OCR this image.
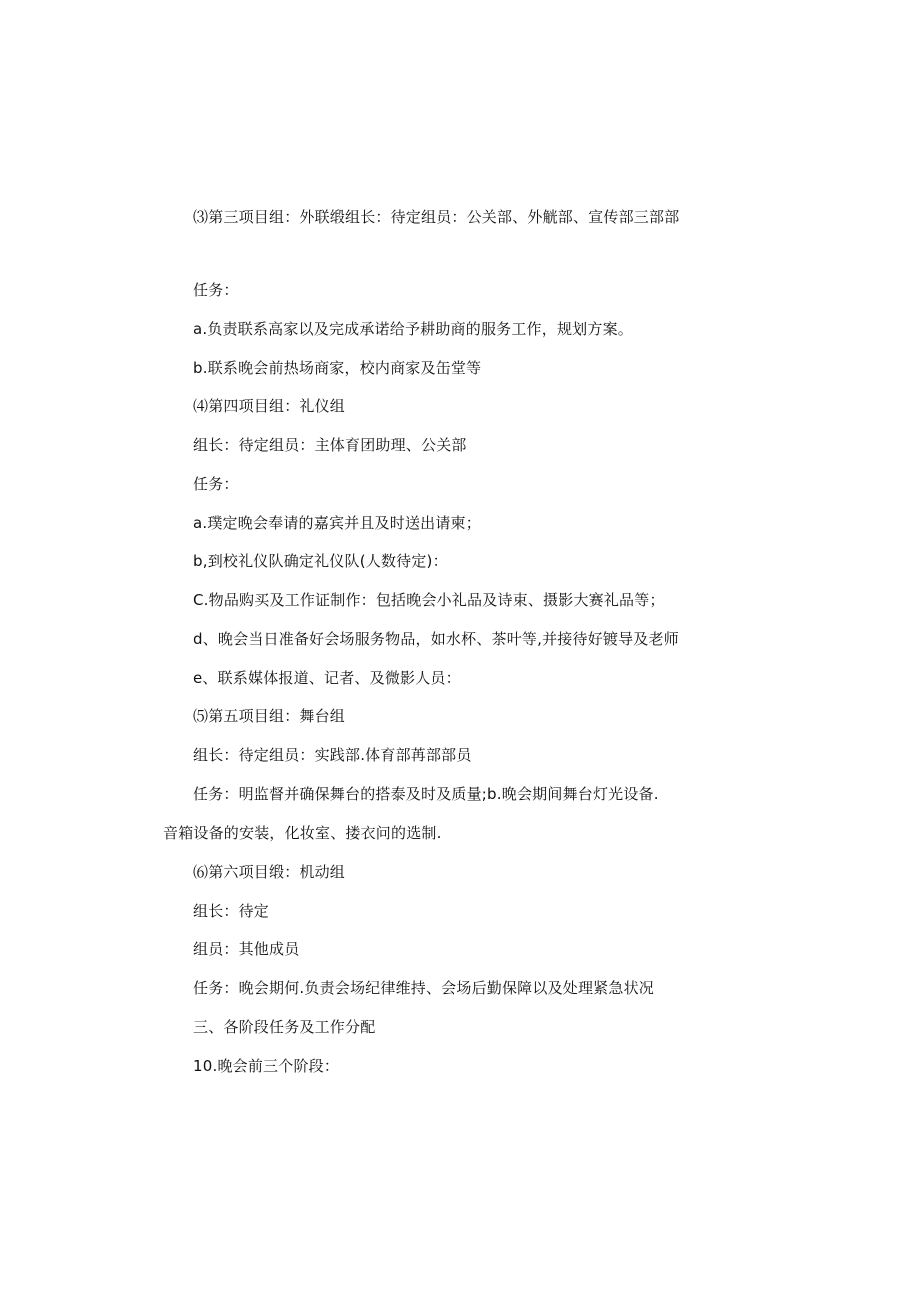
⑶第三项目组：外联缎组长：待定组员：公关部、外觥部、宣传部三部部
任务：
a.负责联系高家以及完成承诺给予耕助商的服务工作，规划方案。
b.联系晚会前热场商家，校内商家及缶堂等
⑷第四项目组：礼仪组
组长：待定组员：主体育团助理、公关部
任务：
a.璞定晚会奉请的嘉宾并且及时送出请柬；
b,到校礼仪队确定礼仪队(人数待定)：
C.物品购买及工作证制作：包括晚会小礼品及诗束、摄影大赛礼品等；
d、晚会当日准备好会场服务物品，如水杯、茶叶等,并接待好镀导及老师
e、联系媒体报道、记者、及微影人员：
⑸第五项目组：舞台组
组长：待定组员：实践部.体育部苒部部员
任务：明监督并确保舞台的搭泰及时及质量;b.晚会期间舞台灯光设备.
音箱设备的安装，化妆室、搂衣问的选制.
⑹第六项目缎：机动组
组长：待定
组员：其他成员
任务：晚会期何.负责会场纪律维持、会场后勤保障以及处理紧急状况
三、各阶段任务及工作分配
10.晚会前三个阶段：
